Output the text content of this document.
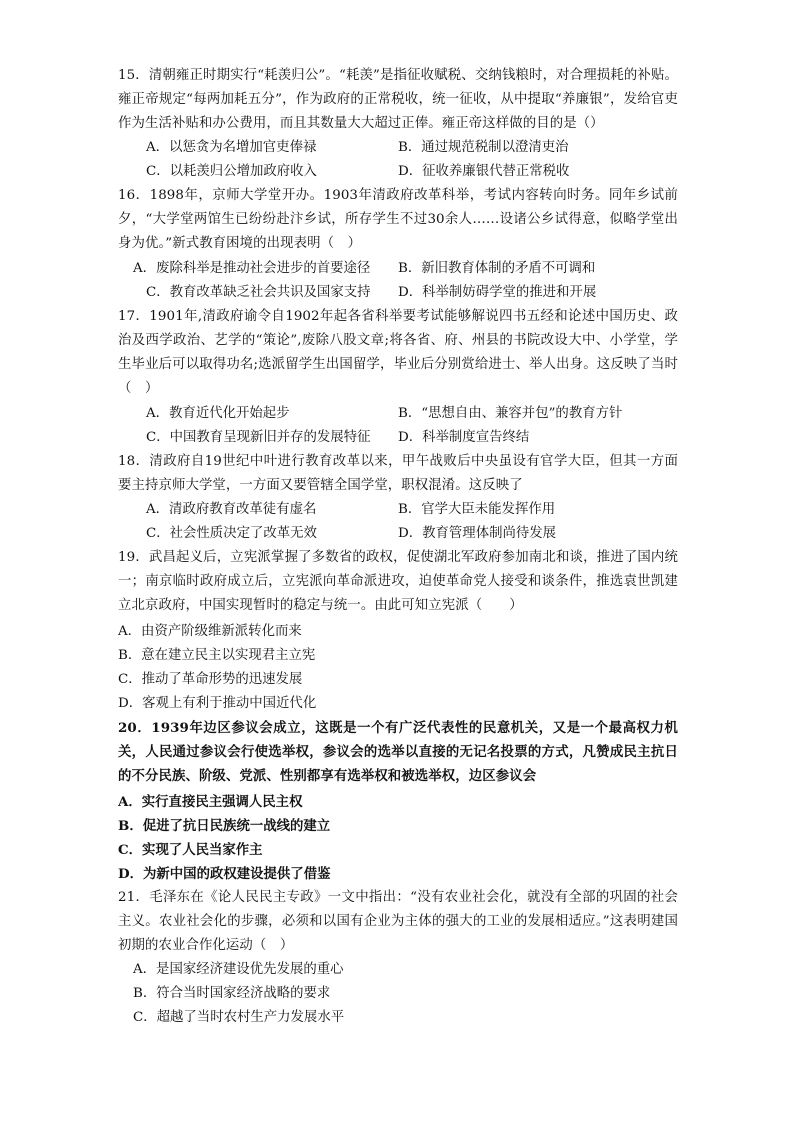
15．清朝雍正时期实行“耗羡归公”。“耗羡”是指征收赋税、交纳钱粮时，对合理损耗的补贴。雍正帝规定“每两加耗五分”，作为政府的正常税收，统一征收，从中提取“养廉银”，发给官吏作为生活补贴和办公费用，而且其数量大大超过正俸。雍正帝这样做的目的是（）

A．以惩贪为名增加官吏俸禄	B．通过规范税制以澄清吏治

C．以耗羡归公增加政府收入	D．征收养廉银代替正常税收

16．1898年，京师大学堂开办。1903年清政府改革科举，考试内容转向时务。同年乡试前夕，“大学堂两馆生已纷纷赴汴乡试，所存学生不过30余人……设诸公乡试得意，似略学堂出身为优。”新式教育困境的出现表明（　）

A．废除科举是推动社会进步的首要途径 B．新旧教育体制的矛盾不可调和

C．教育改革缺乏社会共识及国家支持 D．科举制妨碍学堂的推进和开展

17．1901年,清政府谕令自1902年起各省科举要考试能够解说四书五经和论述中国历史、政治及西学政治、艺学的“策论”,废除八股文章;将各省、府、州县的书院改设大中、小学堂，学生毕业后可以取得功名;选派留学生出国留学，毕业后分别赏给进士、举人出身。这反映了当时（　）

A．教育近代化开始起步	B．“思想自由、兼容并包”的教育方针

C．中国教育呈现新旧并存的发展特征 D．科举制度宣告终结

18．清政府自19世纪中叶进行教育改革以来，甲午战败后中央虽设有官学大臣，但其一方面要主持京师大学堂，一方面又要管辖全国学堂，职权混淆。这反映了

A．清政府教育改革徒有虚名	B．官学大臣未能发挥作用

C．社会性质决定了改革无效	D．教育管理体制尚待发展

19．武昌起义后，立宪派掌握了多数省的政权，促使湖北军政府参加南北和谈，推进了国内统一；南京临时政府成立后，立宪派向革命派进攻，迫使革命党人接受和谈条件，推选袁世凯建立北京政府，中国实现暂时的稳定与统一。由此可知立宪派（　　）

A．由资产阶级维新派转化而来

B．意在建立民主以实现君主立宪

C．推动了革命形势的迅速发展

D．客观上有利于推动中国近代化

20．1939年边区参议会成立，这既是一个有广泛代表性的民意机关，又是一个最高权力机关，人民通过参议会行使选举权，参议会的选举以直接的无记名投票的方式，凡赞成民主抗日的不分民族、阶级、党派、性别都享有选举权和被选举权，边区参议会

A．实行直接民主强调人民主权

B．促进了抗日民族统一战线的建立

C．实现了人民当家作主

D．为新中国的政权建设提供了借鉴

21．毛泽东在《论人民民主专政》一文中指出：“没有农业社会化，就没有全部的巩固的社会主义。农业社会化的步骤，必须和以国有企业为主体的强大的工业的发展相适应。”这表明建国初期的农业合作化运动（　）

A．是国家经济建设优先发展的重心

B．符合当时国家经济战略的要求

C．超越了当时农村生产力发展水平
